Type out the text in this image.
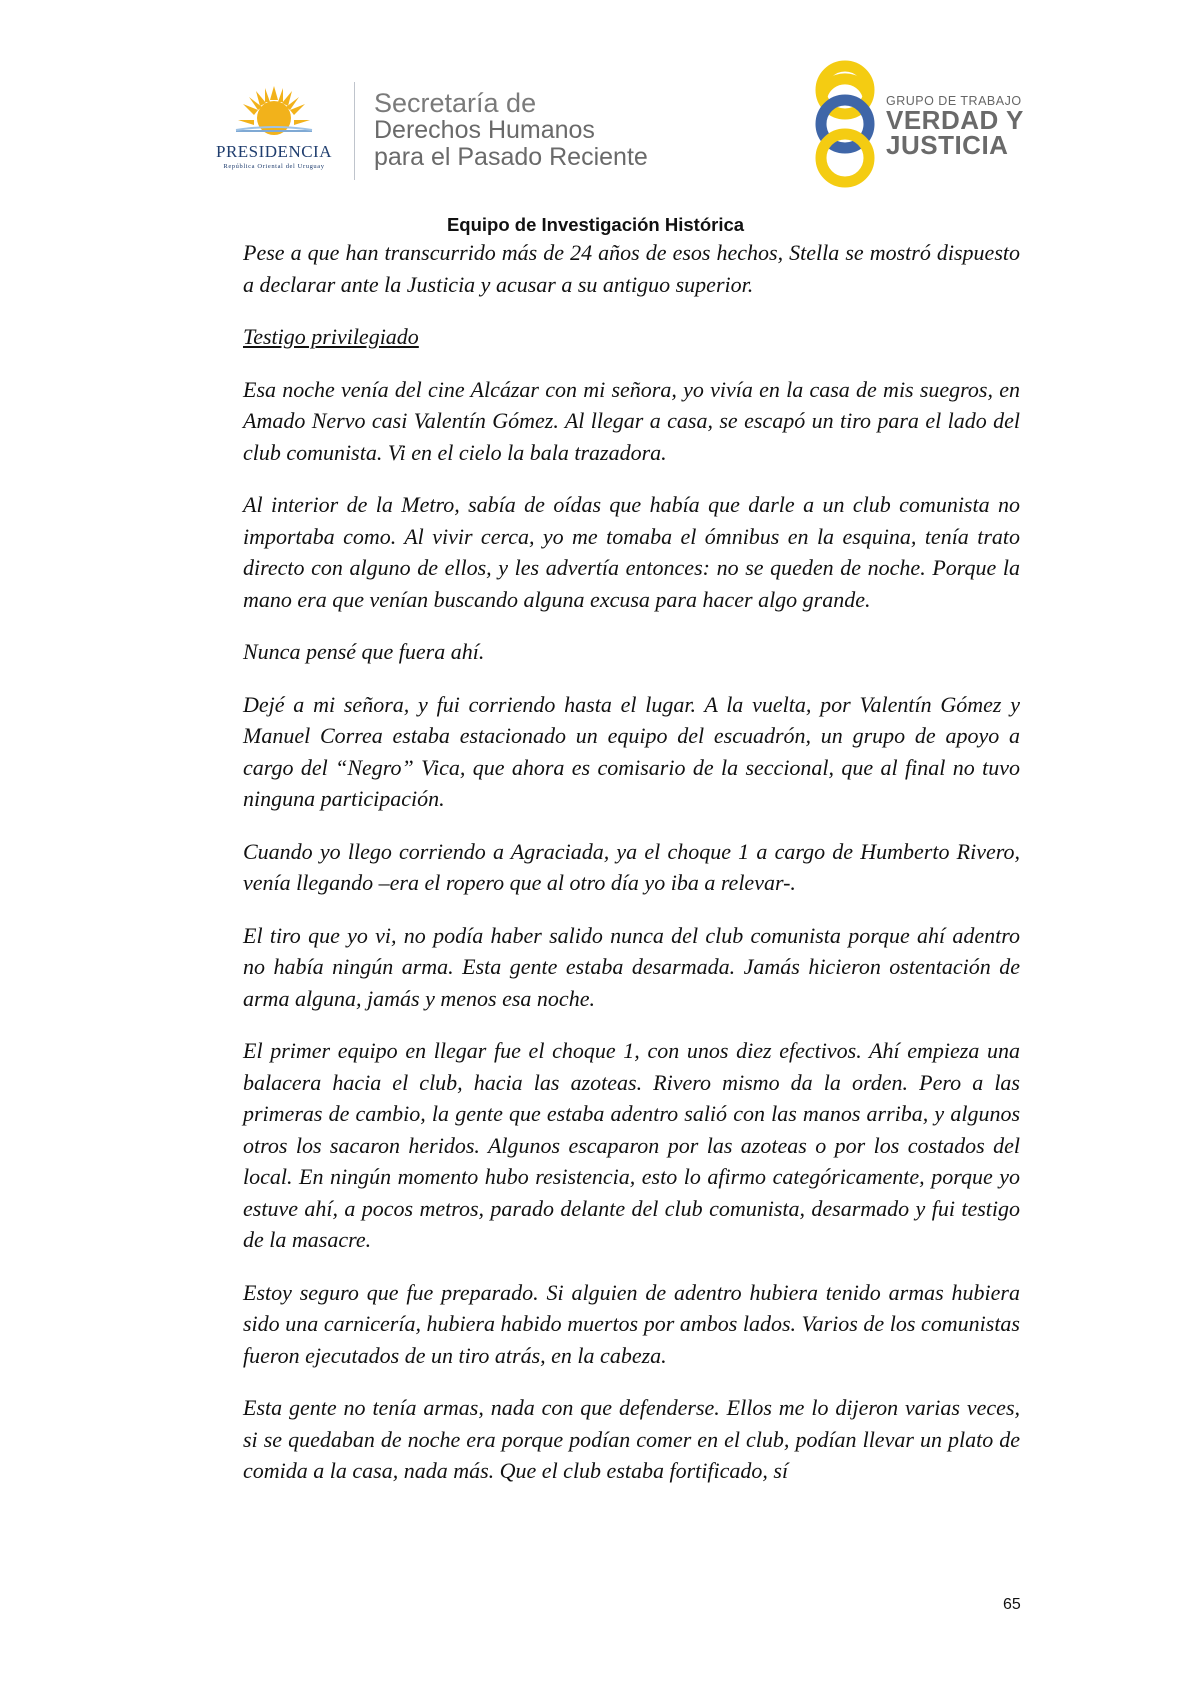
PRESIDENCIA
República Oriental del Uruguay
Secretaría de
Derechos Humanos
para el Pasado Reciente
GRUPO DE TRABAJO
VERDAD Y
JUSTICIA
Equipo de Investigación Histórica

Pese a que han transcurrido más de 24 años de esos hechos, Stella se mostró dispuesto a declarar ante la Justicia y acusar a su antiguo superior.

Testigo privilegiado

Esa noche venía del cine Alcázar con mi señora, yo vivía en la casa de mis suegros, en Amado Nervo casi Valentín Gómez. Al llegar a casa, se escapó un tiro para el lado del club comunista. Vi en el cielo la bala trazadora.

Al interior de la Metro, sabía de oídas que había que darle a un club comunista no importaba como. Al vivir cerca, yo me tomaba el ómnibus en la esquina, tenía trato directo con alguno de ellos, y les advertía entonces: no se queden de noche. Porque la mano era que venían buscando alguna excusa para hacer algo grande.

Nunca pensé que fuera ahí.

Dejé a mi señora, y fui corriendo hasta el lugar. A la vuelta, por Valentín Gómez y Manuel Correa estaba estacionado un equipo del escuadrón, un grupo de apoyo a cargo del “Negro” Vica, que ahora es comisario de la seccional, que al final no tuvo ninguna participación.

Cuando yo llego corriendo a Agraciada, ya el choque 1 a cargo de Humberto Rivero, venía llegando –era el ropero que al otro día yo iba a relevar-.

El tiro que yo vi, no podía haber salido nunca del club comunista porque ahí adentro no había ningún arma. Esta gente estaba desarmada. Jamás hicieron ostentación de arma alguna, jamás y menos esa noche.

El primer equipo en llegar fue el choque 1, con unos diez efectivos. Ahí empieza una balacera hacia el club, hacia las azoteas. Rivero mismo da la orden. Pero a las primeras de cambio, la gente que estaba adentro salió con las manos arriba, y algunos otros los sacaron heridos. Algunos escaparon por las azoteas o por los costados del local. En ningún momento hubo resistencia, esto lo afirmo categóricamente, porque yo estuve ahí, a pocos metros, parado delante del club comunista, desarmado y fui testigo de la masacre.

Estoy seguro que fue preparado. Si alguien de adentro hubiera tenido armas hubiera sido una carnicería, hubiera habido muertos por ambos lados. Varios de los comunistas fueron ejecutados de un tiro atrás, en la cabeza.

Esta gente no tenía armas, nada con que defenderse. Ellos me lo dijeron varias veces, si se quedaban de noche era porque podían comer en el club, podían llevar un plato de comida a la casa, nada más. Que el club estaba fortificado, sí

65
